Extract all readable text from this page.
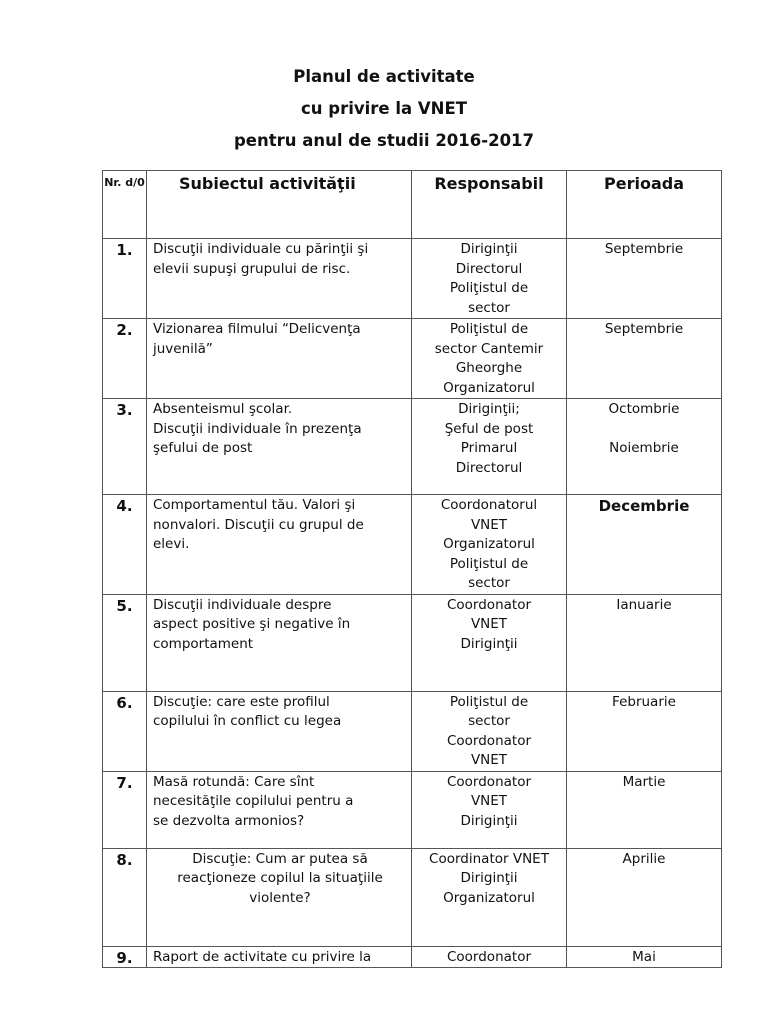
Planul de activitate
cu privire la VNET
pentru anul de studii 2016-2017
Nr. d/0	Subiectul activităţii	Responsabil	Perioada
1.	Discuţii individuale cu părinţii şi
elevii supuşi grupului de risc.	Diriginţii
Directorul
Poliţistul de
sector	Septembrie

2.	Vizionarea filmului “Delicvenţa
juvenilă”	Poliţistul de
sector Cantemir
Gheorghe
Organizatorul	Septembrie

3.	Absenteismul şcolar.
Discuţii individuale în prezenţa
şefului de post	Diriginţii;
Şeful de post
Primarul
Directorul	Octombrie
Noiembrie

4.	Comportamentul tău. Valori şi
nonvalori. Discuţii cu grupul de
elevi.	Coordonatorul
VNET
Organizatorul
Poliţistul de
sector	Decembrie

5.	Discuţii individuale despre
aspect positive şi negative în
comportament	Coordonator
VNET
Diriginţii	Ianuarie

6.	Discuţie: care este profilul
copilului în conflict cu legea	Poliţistul de
sector
Coordonator
VNET	Februarie

7.	Masă rotundă: Care sînt
necesităţile copilului pentru a
se dezvolta armonios?	Coordonator
VNET
Diriginţii	Martie

8.	Discuţie: Cum ar putea să
reacţioneze copilul la situaţiile
violente?	Coordinator VNET
Diriginţii
Organizatorul	Aprilie

9.	Raport de activitate cu privire la	Coordonator	Mai
